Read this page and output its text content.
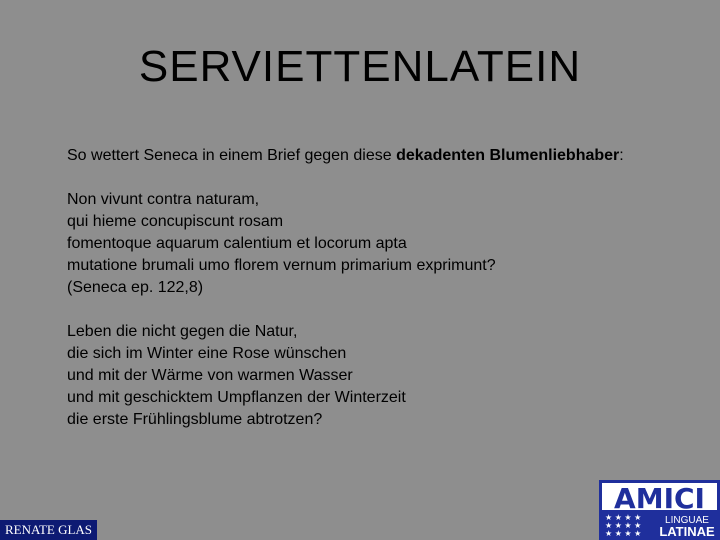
SERVIETTENLATEIN

So wettert Seneca in einem Brief gegen diese dekadenten Blumenliebhaber:

Non vivunt contra naturam,

qui hieme concupiscunt rosam

fomentoque aquarum calentium et locorum apta

mutatione brumali umo florem vernum primarium exprimunt?

(Seneca ep. 122,8)

Leben die nicht gegen die Natur,

die sich im Winter eine Rose wünschen

und mit der Wärme von warmen Wasser

und mit geschicktem Umpflanzen der Winterzeit

die erste Frühlingsblume abtrotzen?

RENATE GLAS
AMICI
★ ★ ★ ★
★ ★ ★ ★
★ ★ ★ ★
LINGUAE
LATINAE
